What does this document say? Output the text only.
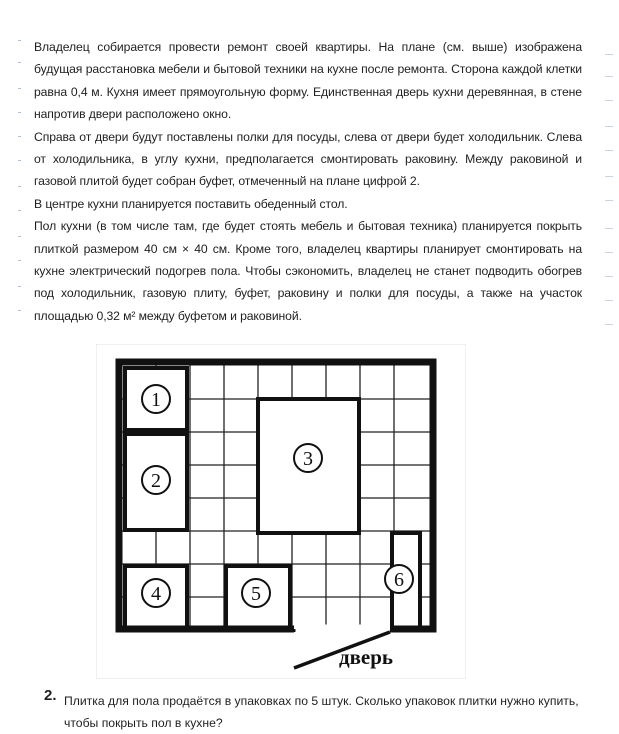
Владелец собирается провести ремонт своей квартиры. На плане (см. выше) изображена будущая расстановка мебели и бытовой техники на кухне после ремонта. Сторона каждой клетки равна 0,4 м. Кухня имеет прямоугольную форму. Единственная дверь кухни деревянная, в стене напротив двери расположено окно.

Справа от двери будут поставлены полки для посуды, слева от двери будет холодильник. Слева от холодильника, в углу кухни, предполагается смонтировать раковину. Между раковиной и газовой плитой будет собран буфет, отмеченный на плане цифрой 2.

В центре кухни планируется поставить обеденный стол.

Пол кухни (в том числе там, где будет стоять мебель и бытовая техника) планируется покрыть плиткой размером 40 см × 40 см. Кроме того, владелец квартиры планирует смонтировать на кухне электрический подогрев пола. Чтобы сэкономить, владелец не станет подводить обогрев под холодильник, газовую плиту, буфет, раковину и полки для посуды, а также на участок площадью 0,32 м² между буфетом и раковиной.

1
2
3
4	5
6
дверь
2. Плитка для пола продаётся в упаковках по 5 штук. Сколько упаковок плитки нужно купить, чтобы покрыть пол в кухне?
